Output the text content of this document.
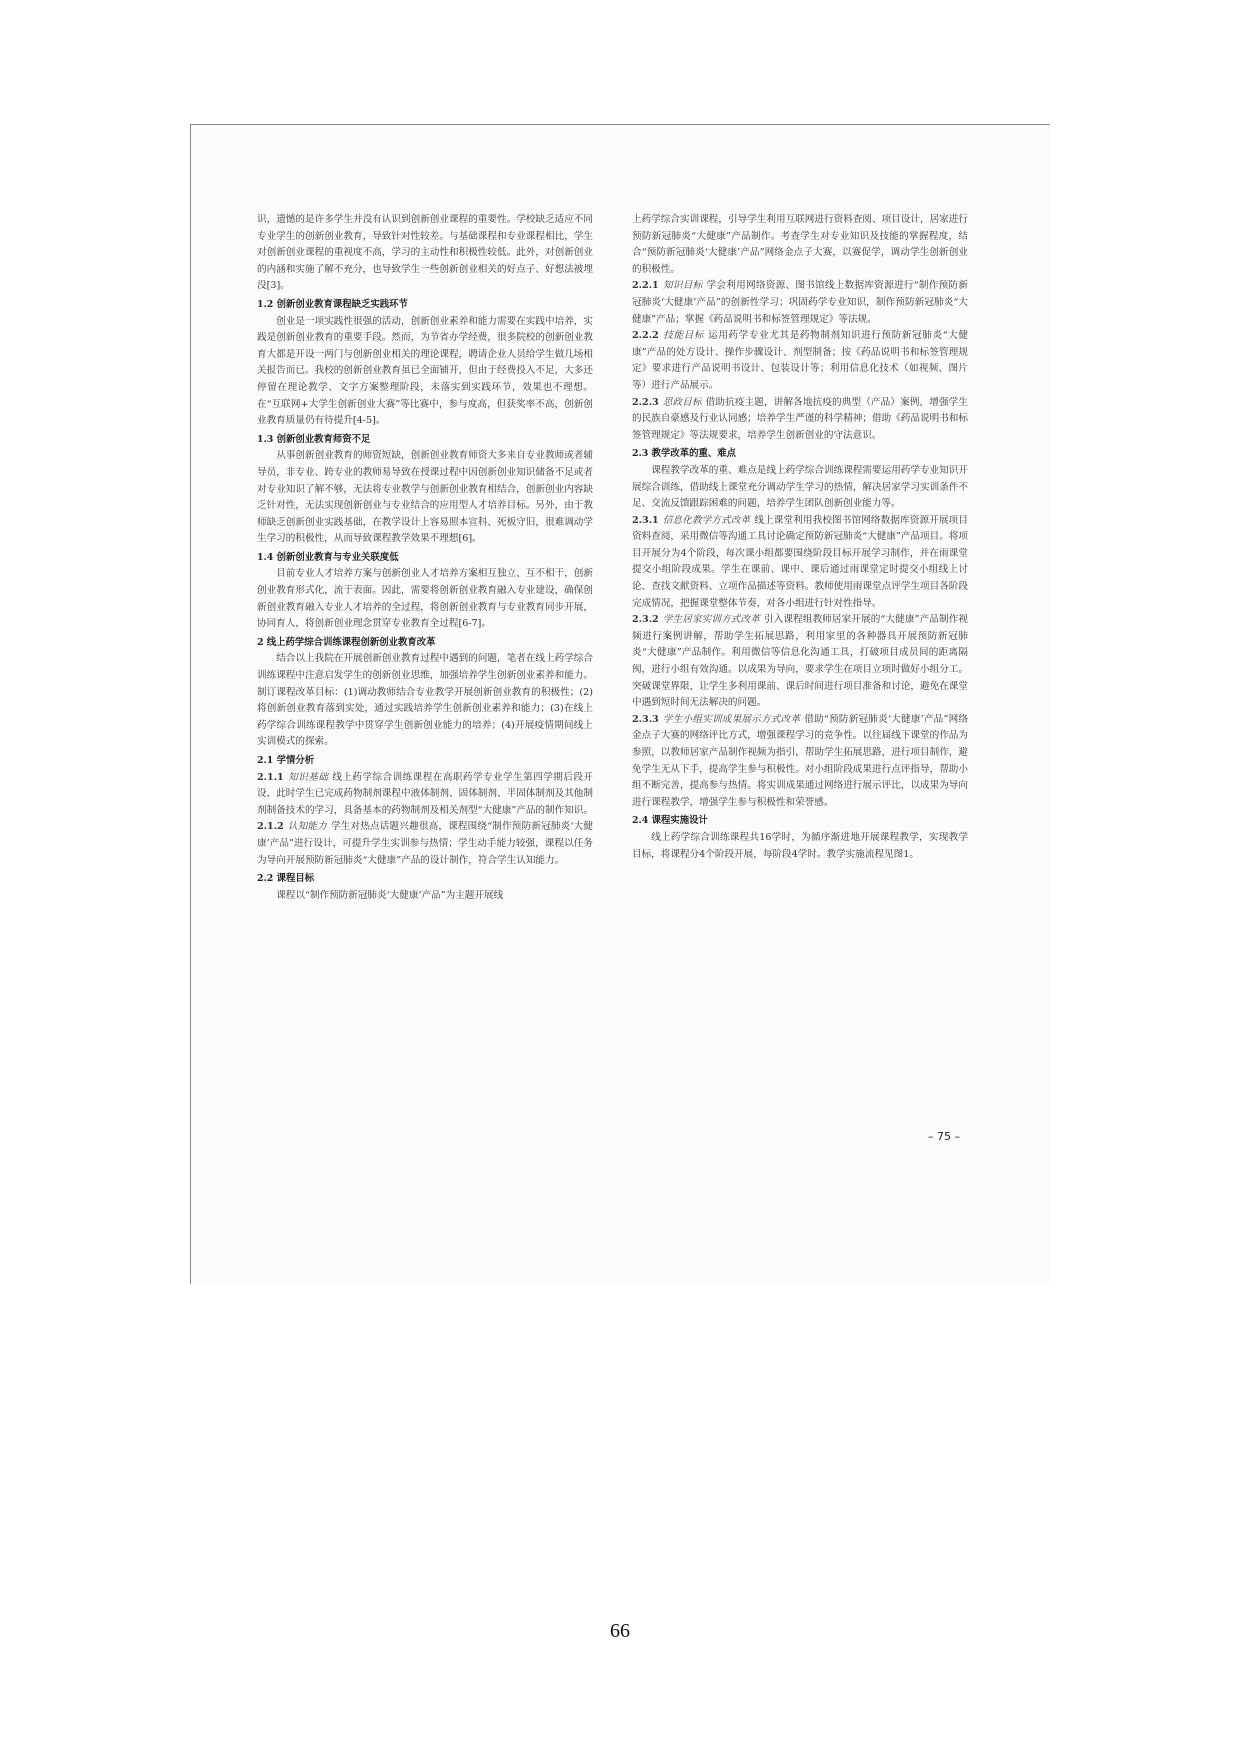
识，遗憾的是许多学生并没有认识到创新创业课程的重要性。学校缺乏适应不同专业学生的创新创业教育，导致针对性较差。与基础课程和专业课程相比，学生对创新创业课程的重视度不高，学习的主动性和积极性较低。此外，对创新创业的内涵和实施了解不充分，也导致学生一些创新创业相关的好点子、好想法被埋没[3]。

1.2 创新创业教育课程缺乏实践环节

创业是一项实践性很强的活动，创新创业素养和能力需要在实践中培养，实践是创新创业教育的重要手段。然而，为节省办学经费，很多院校的创新创业教育大都是开设一两门与创新创业相关的理论课程，聘请企业人员给学生做几场相关报告而已。我校的创新创业教育虽已全面铺开，但由于经费投入不足，大多还停留在理论教学、文字方案整理阶段，未落实到实践环节，效果也不理想。在“互联网+大学生创新创业大赛”等比赛中，参与度高，但获奖率不高，创新创业教育质量仍有待提升[4-5]。

1.3 创新创业教育师资不足

从事创新创业教育的师资短缺，创新创业教育师资大多来自专业教师或者辅导员，非专业、跨专业的教师易导致在授课过程中因创新创业知识储备不足或者对专业知识了解不够，无法将专业教学与创新创业教育相结合，创新创业内容缺乏针对性，无法实现创新创业与专业结合的应用型人才培养目标。另外，由于教师缺乏创新创业实践基础，在教学设计上容易照本宣科、死板守旧，很难调动学生学习的积极性，从而导致课程教学效果不理想[6]。

1.4 创新创业教育与专业关联度低

目前专业人才培养方案与创新创业人才培养方案相互独立、互不相干，创新创业教育形式化，流于表面。因此，需要将创新创业教育融入专业建设，确保创新创业教育融入专业人才培养的全过程，将创新创业教育与专业教育同步开展，协同育人，将创新创业理念贯穿专业教育全过程[6-7]。

2 线上药学综合训练课程创新创业教育改革

结合以上我院在开展创新创业教育过程中遇到的问题，笔者在线上药学综合训练课程中注意启发学生的创新创业思维，加强培养学生创新创业素养和能力。制订课程改革目标：(1)调动教师结合专业教学开展创新创业教育的积极性；(2) 将创新创业教育落到实处，通过实践培养学生创新创业素养和能力；(3)在线上药学综合训练课程教学中贯穿学生创新创业能力的培养；(4)开展疫情期间线上实训模式的探索。

2.1 学情分析

2.1.1 知识基础 线上药学综合训练课程在高职药学专业学生第四学期后段开设，此时学生已完成药物制剂课程中液体制剂、固体制剂、半固体制剂及其他制剂制备技术的学习，具备基本的药物制剂及相关剂型“大健康”产品的制作知识。

2.1.2 认知能力 学生对热点话题兴趣很高，课程围绕“制作预防新冠肺炎‘大健康’产品”进行设计，可提升学生实训参与热情；学生动手能力较强，课程以任务为导向开展预防新冠肺炎“大健康”产品的设计制作，符合学生认知能力。

2.2 课程目标

课程以“制作预防新冠肺炎‘大健康’产品”为主题开展线

上药学综合实训课程，引导学生利用互联网进行资料查阅、项目设计，居家进行预防新冠肺炎“大健康”产品制作。考查学生对专业知识及技能的掌握程度，结合“预防新冠肺炎‘大健康’产品”网络金点子大赛，以赛促学，调动学生创新创业的积极性。

2.2.1 知识目标 学会利用网络资源、图书馆线上数据库资源进行“制作预防新冠肺炎‘大健康’产品”的创新性学习；巩固药学专业知识，制作预防新冠肺炎“大健康”产品；掌握《药品说明书和标签管理规定》等法规。

2.2.2 技能目标 运用药学专业尤其是药物制剂知识进行预防新冠肺炎“大健康”产品的处方设计、操作步骤设计、剂型制备；按《药品说明书和标签管理规定》要求进行产品说明书设计、包装设计等；利用信息化技术（如视频、图片等）进行产品展示。

2.2.3 思政目标 借助抗疫主题，讲解各地抗疫的典型（产品）案例，增强学生的民族自豪感及行业认同感；培养学生严谨的科学精神；借助《药品说明书和标签管理规定》等法规要求，培养学生创新创业的守法意识。

2.3 教学改革的重、难点

课程教学改革的重、难点是线上药学综合训练课程需要运用药学专业知识开展综合训练，借助线上课堂充分调动学生学习的热情，解决居家学习实训条件不足、交流反馈跟踪困难的问题，培养学生团队创新创业能力等。

2.3.1 信息化教学方式改革 线上课堂利用我校图书馆网络数据库资源开展项目资料查阅，采用微信等沟通工具讨论确定预防新冠肺炎“大健康”产品项目。将项目开展分为4个阶段，每次课小组都要围绕阶段目标开展学习制作，并在雨课堂提交小组阶段成果。学生在课前、课中、课后通过雨课堂定时提交小组线上讨论、查找文献资料、立项作品描述等资料。教师使用雨课堂点评学生项目各阶段完成情况，把握课堂整体节奏，对各小组进行针对性指导。

2.3.2 学生居家实训方式改革 引入课程组教师居家开展的“大健康”产品制作视频进行案例讲解，帮助学生拓展思路，利用家里的各种器具开展预防新冠肺炎“大健康”产品制作。利用微信等信息化沟通工具，打破项目成员间的距离隔阂，进行小组有效沟通。以成果为导向，要求学生在项目立项时做好小组分工。突破课堂界限，让学生多利用课前、课后时间进行项目准备和讨论，避免在课堂中遇到短时间无法解决的问题。

2.3.3 学生小组实训成果展示方式改革 借助“预防新冠肺炎‘大健康’产品”网络金点子大赛的网络评比方式，增强课程学习的竞争性。以往届线下课堂的作品为参照，以教师居家产品制作视频为指引，帮助学生拓展思路，进行项目制作，避免学生无从下手，提高学生参与积极性。对小组阶段成果进行点评指导，帮助小组不断完善，提高参与热情。将实训成果通过网络进行展示评比，以成果为导向进行课程教学，增强学生参与积极性和荣誉感。

2.4 课程实施设计

线上药学综合训练课程共16学时，为循序渐进地开展课程教学，实现教学目标，将课程分4个阶段开展，每阶段4学时。教学实施流程见图1。

– 75 –
66
